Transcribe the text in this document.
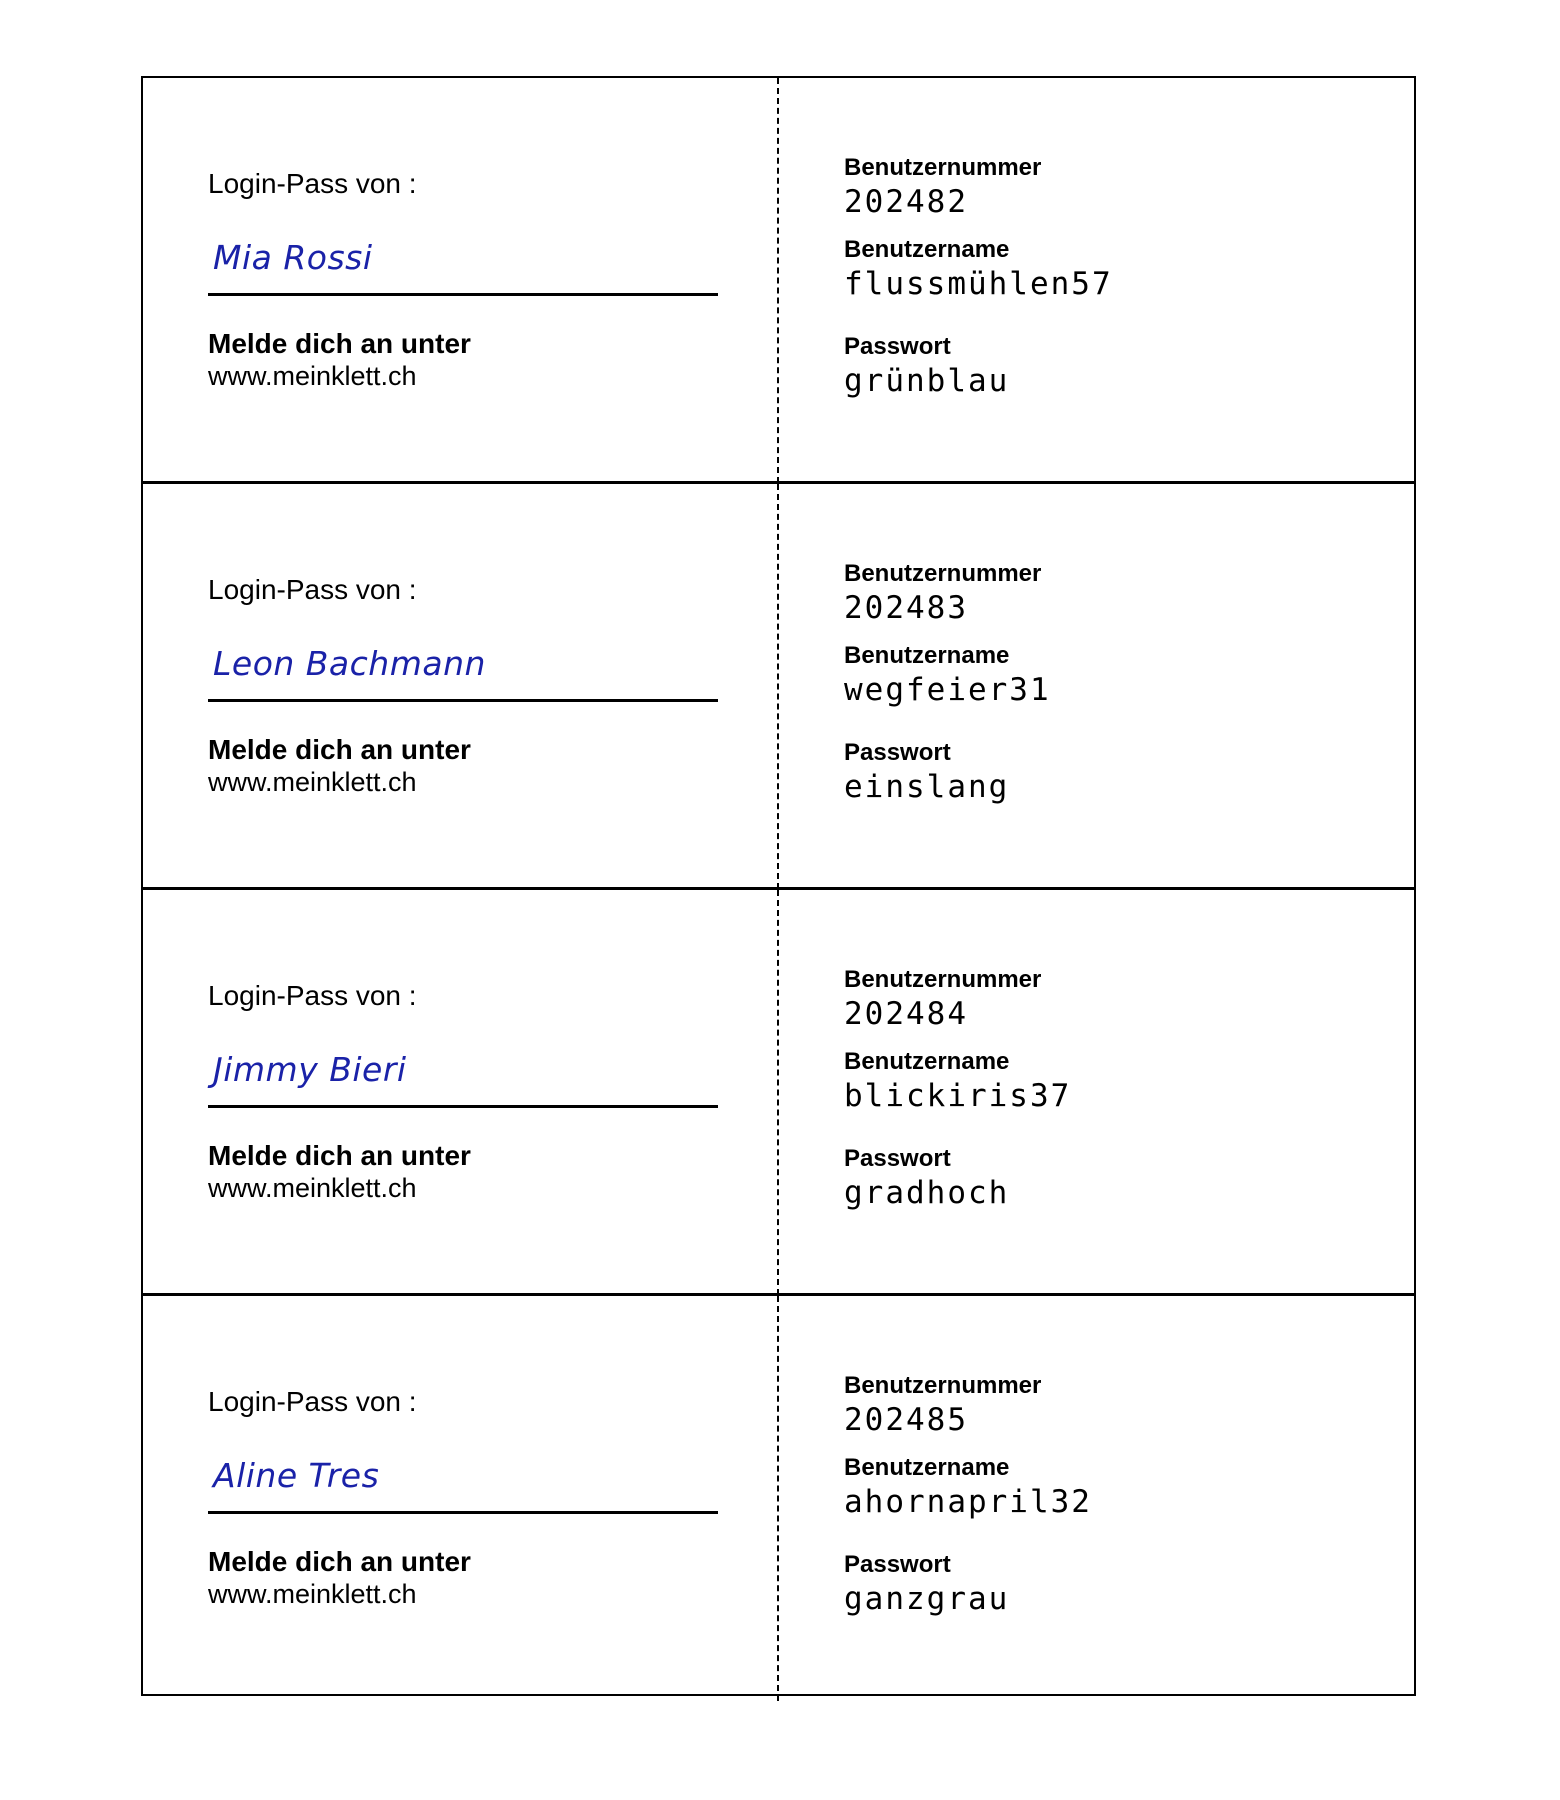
Login-Pass von :
Mia Rossi
Melde dich an unter
www.meinklett.ch
Benutzernummer
202482
Benutzername
flussmühlen57
Passwort
grünblau
Login-Pass von :
Leon Bachmann
Melde dich an unter
www.meinklett.ch
Benutzernummer
202483
Benutzername
wegfeier31
Passwort
einslang
Login-Pass von :
Jimmy Bieri
Melde dich an unter
www.meinklett.ch
Benutzernummer
202484
Benutzername
blickiris37
Passwort
gradhoch
Login-Pass von :
Aline Tres
Melde dich an unter
www.meinklett.ch
Benutzernummer
202485
Benutzername
ahornapril32
Passwort
ganzgrau
